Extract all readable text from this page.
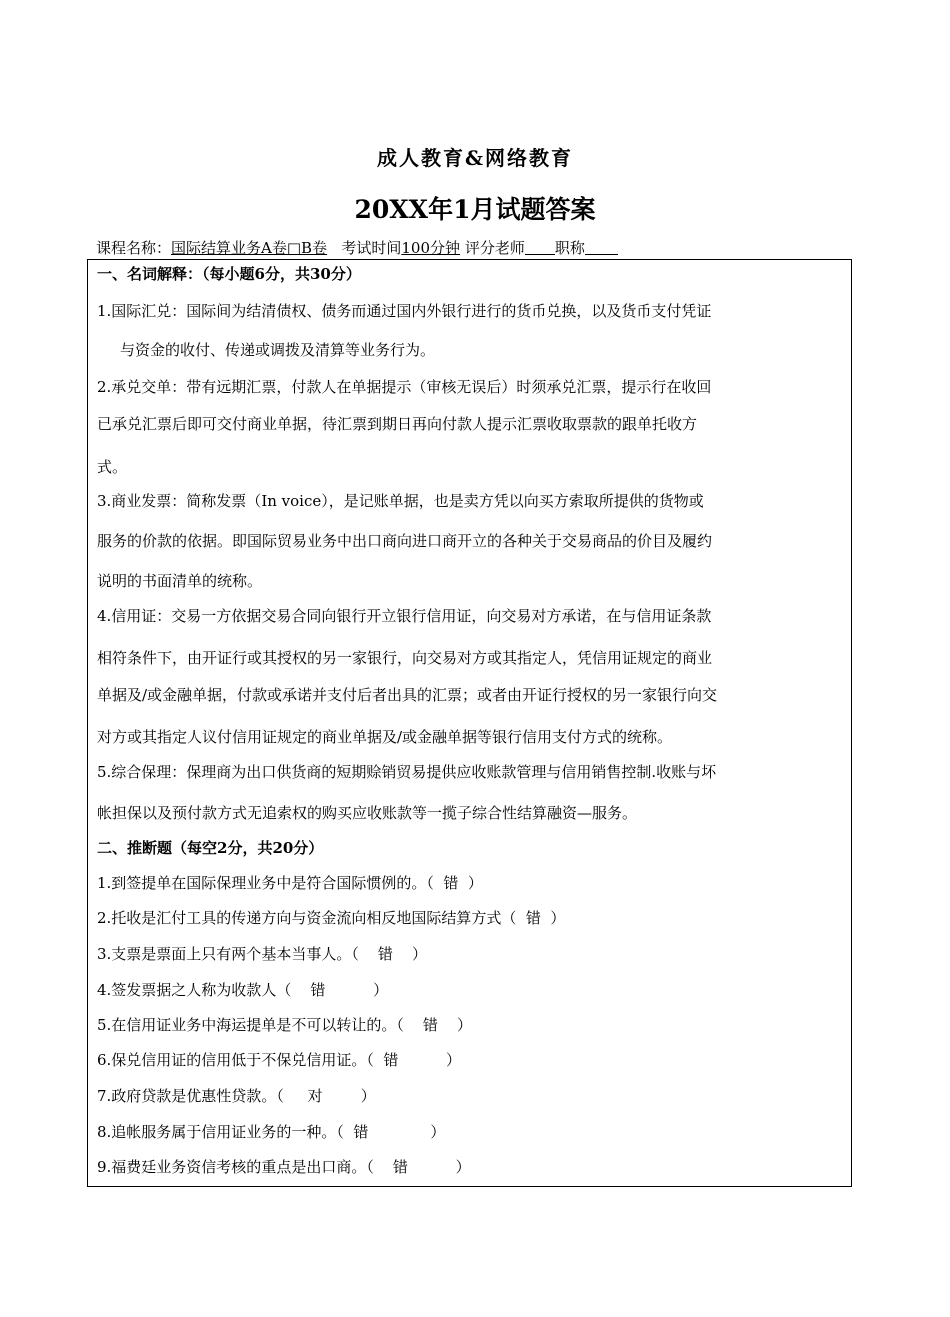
成人教育&网络教育
20XX年1月试题答案
课程名称：国际结算业务A卷□B卷 考试时间100分钟 评分老师 职称
一、名词解释：（每小题6分，共30分）
1.国际汇兑：国际间为结清债权、债务而通过国内外银行进行的货币兑换，以及货币支付凭证
与资金的收付、传递或调拨及清算等业务行为。
2.承兑交单：带有远期汇票，付款人在单据提示（审核无误后）时须承兑汇票，提示行在收回
已承兑汇票后即可交付商业单据，待汇票到期日再向付款人提示汇票收取票款的跟单托收方
式。
3.商业发票：简称发票（In voice），是记账单据，也是卖方凭以向买方索取所提供的货物或
服务的价款的依据。即国际贸易业务中出口商向进口商开立的各种关于交易商品的价目及履约
说明的书面清单的统称。
4.信用证：交易一方依据交易合同向银行开立银行信用证，向交易对方承诺，在与信用证条款
相符条件下，由开证行或其授权的另一家银行，向交易对方或其指定人，凭信用证规定的商业
单据及/或金融单据，付款或承诺并支付后者出具的汇票；或者由开证行授权的另一家银行向交
对方或其指定人议付信用证规定的商业单据及/或金融单据等银行信用支付方式的统称。
5.综合保理：保理商为出口供货商的短期赊销贸易提供应收账款管理与信用销售控制.收账与坏
帐担保以及预付款方式无追索权的购买应收账款等一揽子综合性结算融资—服务。
二、推断题（每空2分，共20分）
1.到签提单在国际保理业务中是符合国际惯例的。（  错  ）
2.托收是汇付工具的传递方向与资金流向相反地国际结算方式（  错  ）
3.支票是票面上只有两个基本当事人。（    错    ）
4.签发票据之人称为收款人（    错          ）
5.在信用证业务中海运提单是不可以转让的。（    错    ）
6.保兑信用证的信用低于不保兑信用证。（  错          ）
7.政府贷款是优惠性贷款。（     对        ）
8.追帐服务属于信用证业务的一种。（  错             ）
9.福费廷业务资信考核的重点是出口商。（    错          ）
